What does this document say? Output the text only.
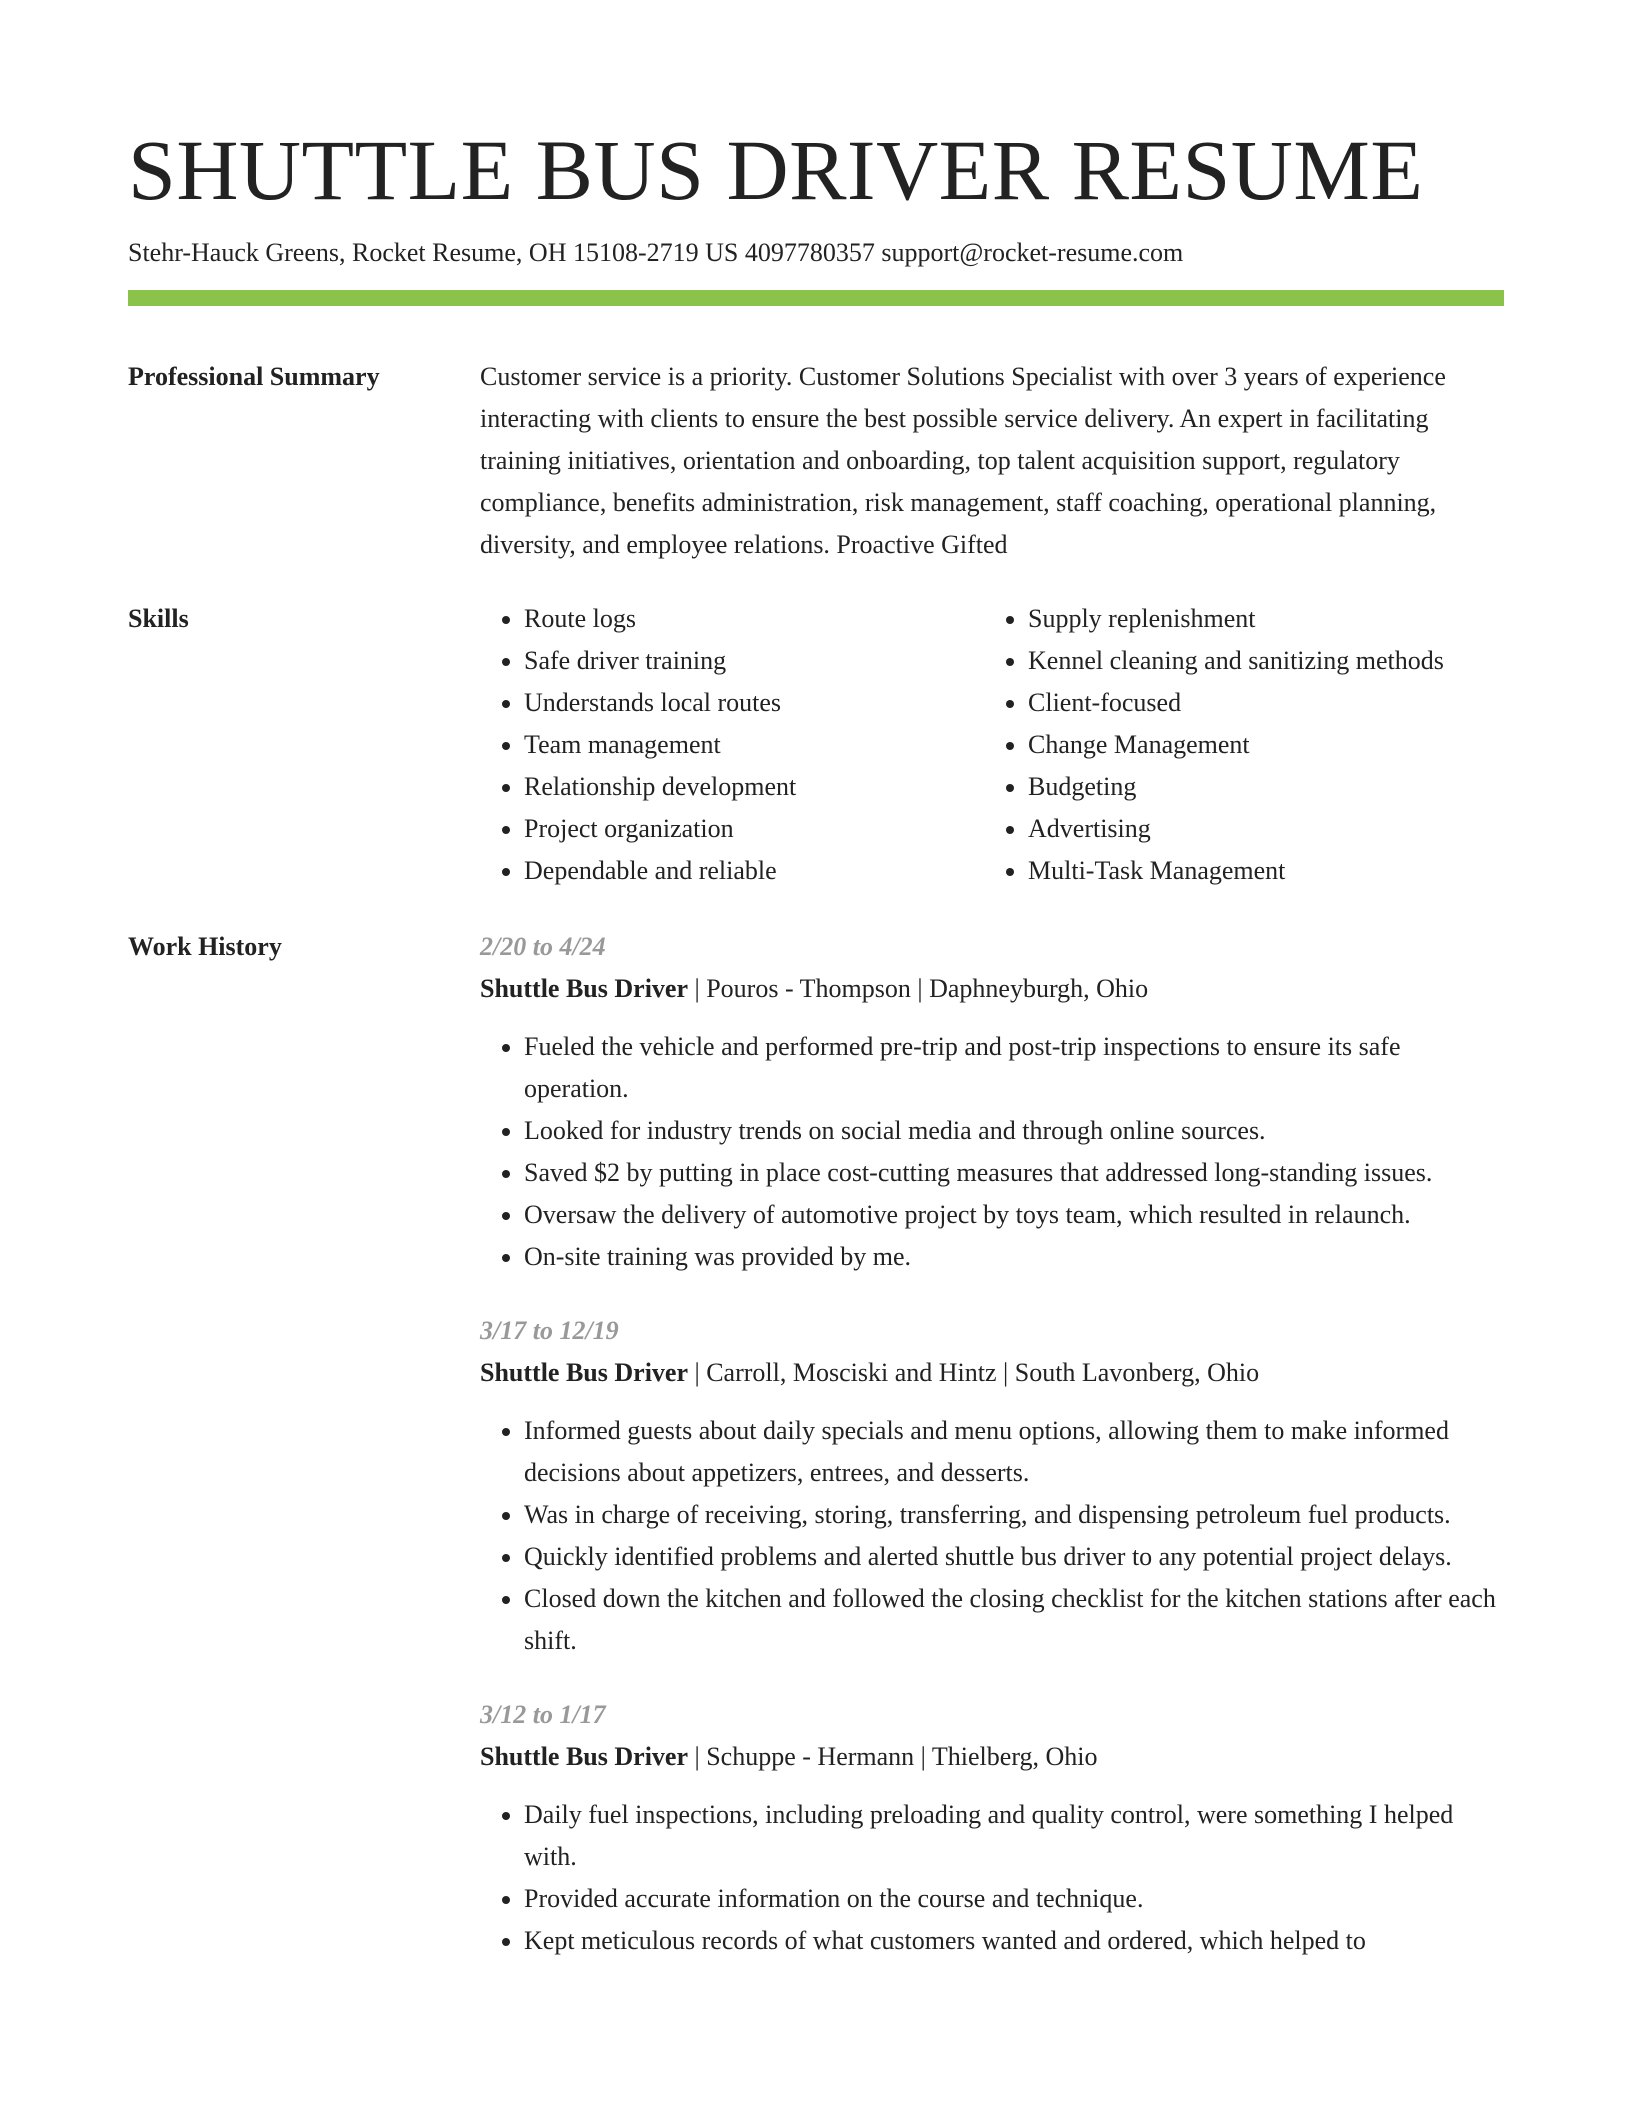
SHUTTLE BUS DRIVER RESUME
Stehr-Hauck Greens, Rocket Resume, OH 15108-2719 US 4097780357 support@rocket-resume.com
Professional Summary	Customer service is a priority. Customer Solutions Specialist with over 3 years of experience interacting with clients to ensure the best possible service delivery. An expert in facilitating training initiatives, orientation and onboarding, top talent acquisition support, regulatory compliance, benefits administration, risk management, staff coaching, operational planning, diversity, and employee relations. Proactive Gifted
Skills
•	Route logs
• Safe driver training
• Understands local routes
• Team management
• Relationship development
• Project organization
• Dependable and reliable
• Supply replenishment
• Kennel cleaning and sanitizing methods
• Client-focused
• Change Management
• Budgeting
• Advertising
• Multi-Task Management
Work History	2/20 to 4/24
Shuttle Bus Driver | Pouros - Thompson | Daphneyburgh, Ohio
• Fueled the vehicle and performed pre-trip and post-trip inspections to ensure its safe operation.
• Looked for industry trends on social media and through online sources.
• Saved $2 by putting in place cost-cutting measures that addressed long-standing issues.
• Oversaw the delivery of automotive project by toys team, which resulted in relaunch.
• On-site training was provided by me.
3/17 to 12/19
Shuttle Bus Driver | Carroll, Mosciski and Hintz | South Lavonberg, Ohio
• Informed guests about daily specials and menu options, allowing them to make informed decisions about appetizers, entrees, and desserts.
• Was in charge of receiving, storing, transferring, and dispensing petroleum fuel products.
• Quickly identified problems and alerted shuttle bus driver to any potential project delays.
• Closed down the kitchen and followed the closing checklist for the kitchen stations after each shift.
3/12 to 1/17
Shuttle Bus Driver | Schuppe - Hermann | Thielberg, Ohio
• Daily fuel inspections, including preloading and quality control, were something I helped with.
• Provided accurate information on the course and technique.
• Kept meticulous records of what customers wanted and ordered, which helped to
